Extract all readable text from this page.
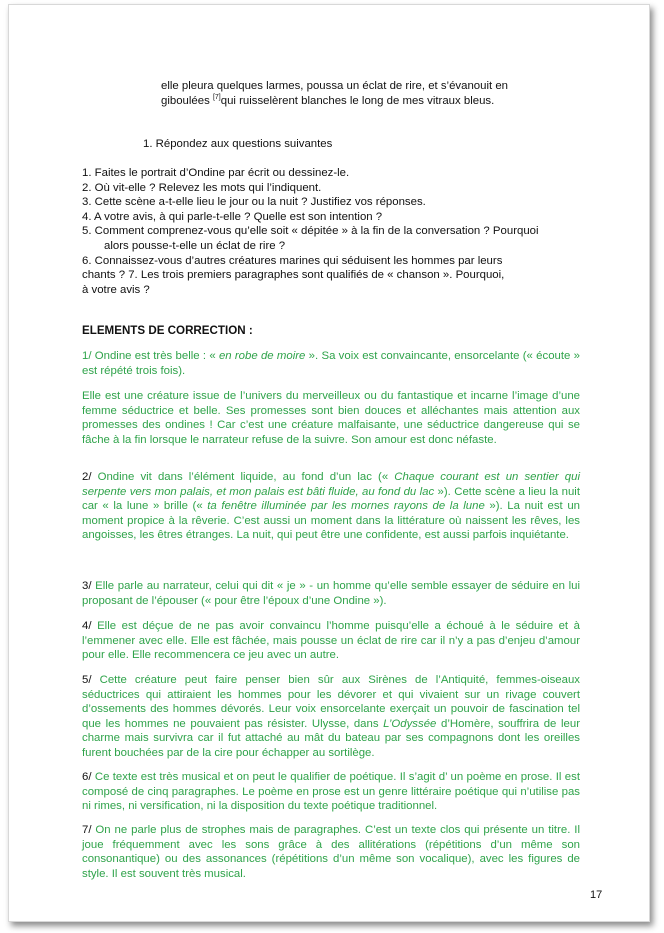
elle pleura quelques larmes, poussa un éclat de rire, et s’évanouit en
giboulées [7]qui ruisselèrent blanches le long de mes vitraux bleus.
1. Répondez aux questions suivantes
1. Faites le portrait d’Ondine par écrit ou dessinez-le.
2. Où vit-elle ? Relevez les mots qui l’indiquent.
3. Cette scène a-t-elle lieu le jour ou la nuit ? Justifiez vos réponses.
4. A votre avis, à qui parle-t-elle ? Quelle est son intention ?
5. Comment comprenez-vous qu’elle soit « dépitée » à la fin de la conversation ? Pourquoi
alors pousse-t-elle un éclat de rire ?
6. Connaissez-vous d’autres créatures marines qui séduisent les hommes par leurs
chants ? 7. Les trois premiers paragraphes sont qualifiés de « chanson ». Pourquoi,
à votre avis ?
ELEMENTS DE CORRECTION :
1/ Ondine est très belle : « en robe de moire ». Sa voix est convaincante, ensorcelante (« écoute » est répété trois fois).
Elle est une créature issue de l’univers du merveilleux ou du fantastique et incarne l’image d’une femme séductrice et belle. Ses promesses sont bien douces et alléchantes mais attention aux promesses des ondines ! Car c’est une créature malfaisante, une séductrice dangereuse qui se fâche à la fin lorsque le narrateur refuse de la suivre. Son amour est donc néfaste.
2/ Ondine vit dans l’élément liquide, au fond d’un lac (« Chaque courant est un sentier qui serpente vers mon palais, et mon palais est bâti fluide, au fond du lac »). Cette scène a lieu la nuit car « la lune » brille (« ta fenêtre illuminée par les mornes rayons de la lune »). La nuit est un moment propice à la rêverie. C’est aussi un moment dans la littérature où naissent les rêves, les angoisses, les êtres étranges. La nuit, qui peut être une confidente, est aussi parfois inquiétante.
3/ Elle parle au narrateur, celui qui dit « je » - un homme qu’elle semble essayer de séduire en lui proposant de l’épouser (« pour être l’époux d’une Ondine »).
4/ Elle est déçue de ne pas avoir convaincu l’homme puisqu’elle a échoué à le séduire et à l’emmener avec elle. Elle est fâchée, mais pousse un éclat de rire car il n’y a pas d’enjeu d’amour pour elle. Elle recommencera ce jeu avec un autre.
5/ Cette créature peut faire penser bien sûr aux Sirènes de l’Antiquité, femmes-oiseaux séductrices qui attiraient les hommes pour les dévorer et qui vivaient sur un rivage couvert d’ossements des hommes dévorés. Leur voix ensorcelante exerçait un pouvoir de fascination tel que les hommes ne pouvaient pas résister. Ulysse, dans L’Odyssée d’Homère, souffrira de leur charme mais survivra car il fut attaché au mât du bateau par ses compagnons dont les oreilles furent bouchées par de la cire pour échapper au sortilège.
6/ Ce texte est très musical et on peut le qualifier de poétique. Il s’agit d’ un poème en prose. Il est composé de cinq paragraphes. Le poème en prose est un genre littéraire poétique qui n’utilise pas ni rimes, ni versification, ni la disposition du texte poétique traditionnel.
7/ On ne parle plus de strophes mais de paragraphes. C’est un texte clos qui présente un titre. Il joue fréquemment avec les sons grâce à des allitérations (répétitions d’un même son consonantique) ou des assonances (répétitions d’un même son vocalique), avec les figures de style. Il est souvent très musical.
17
